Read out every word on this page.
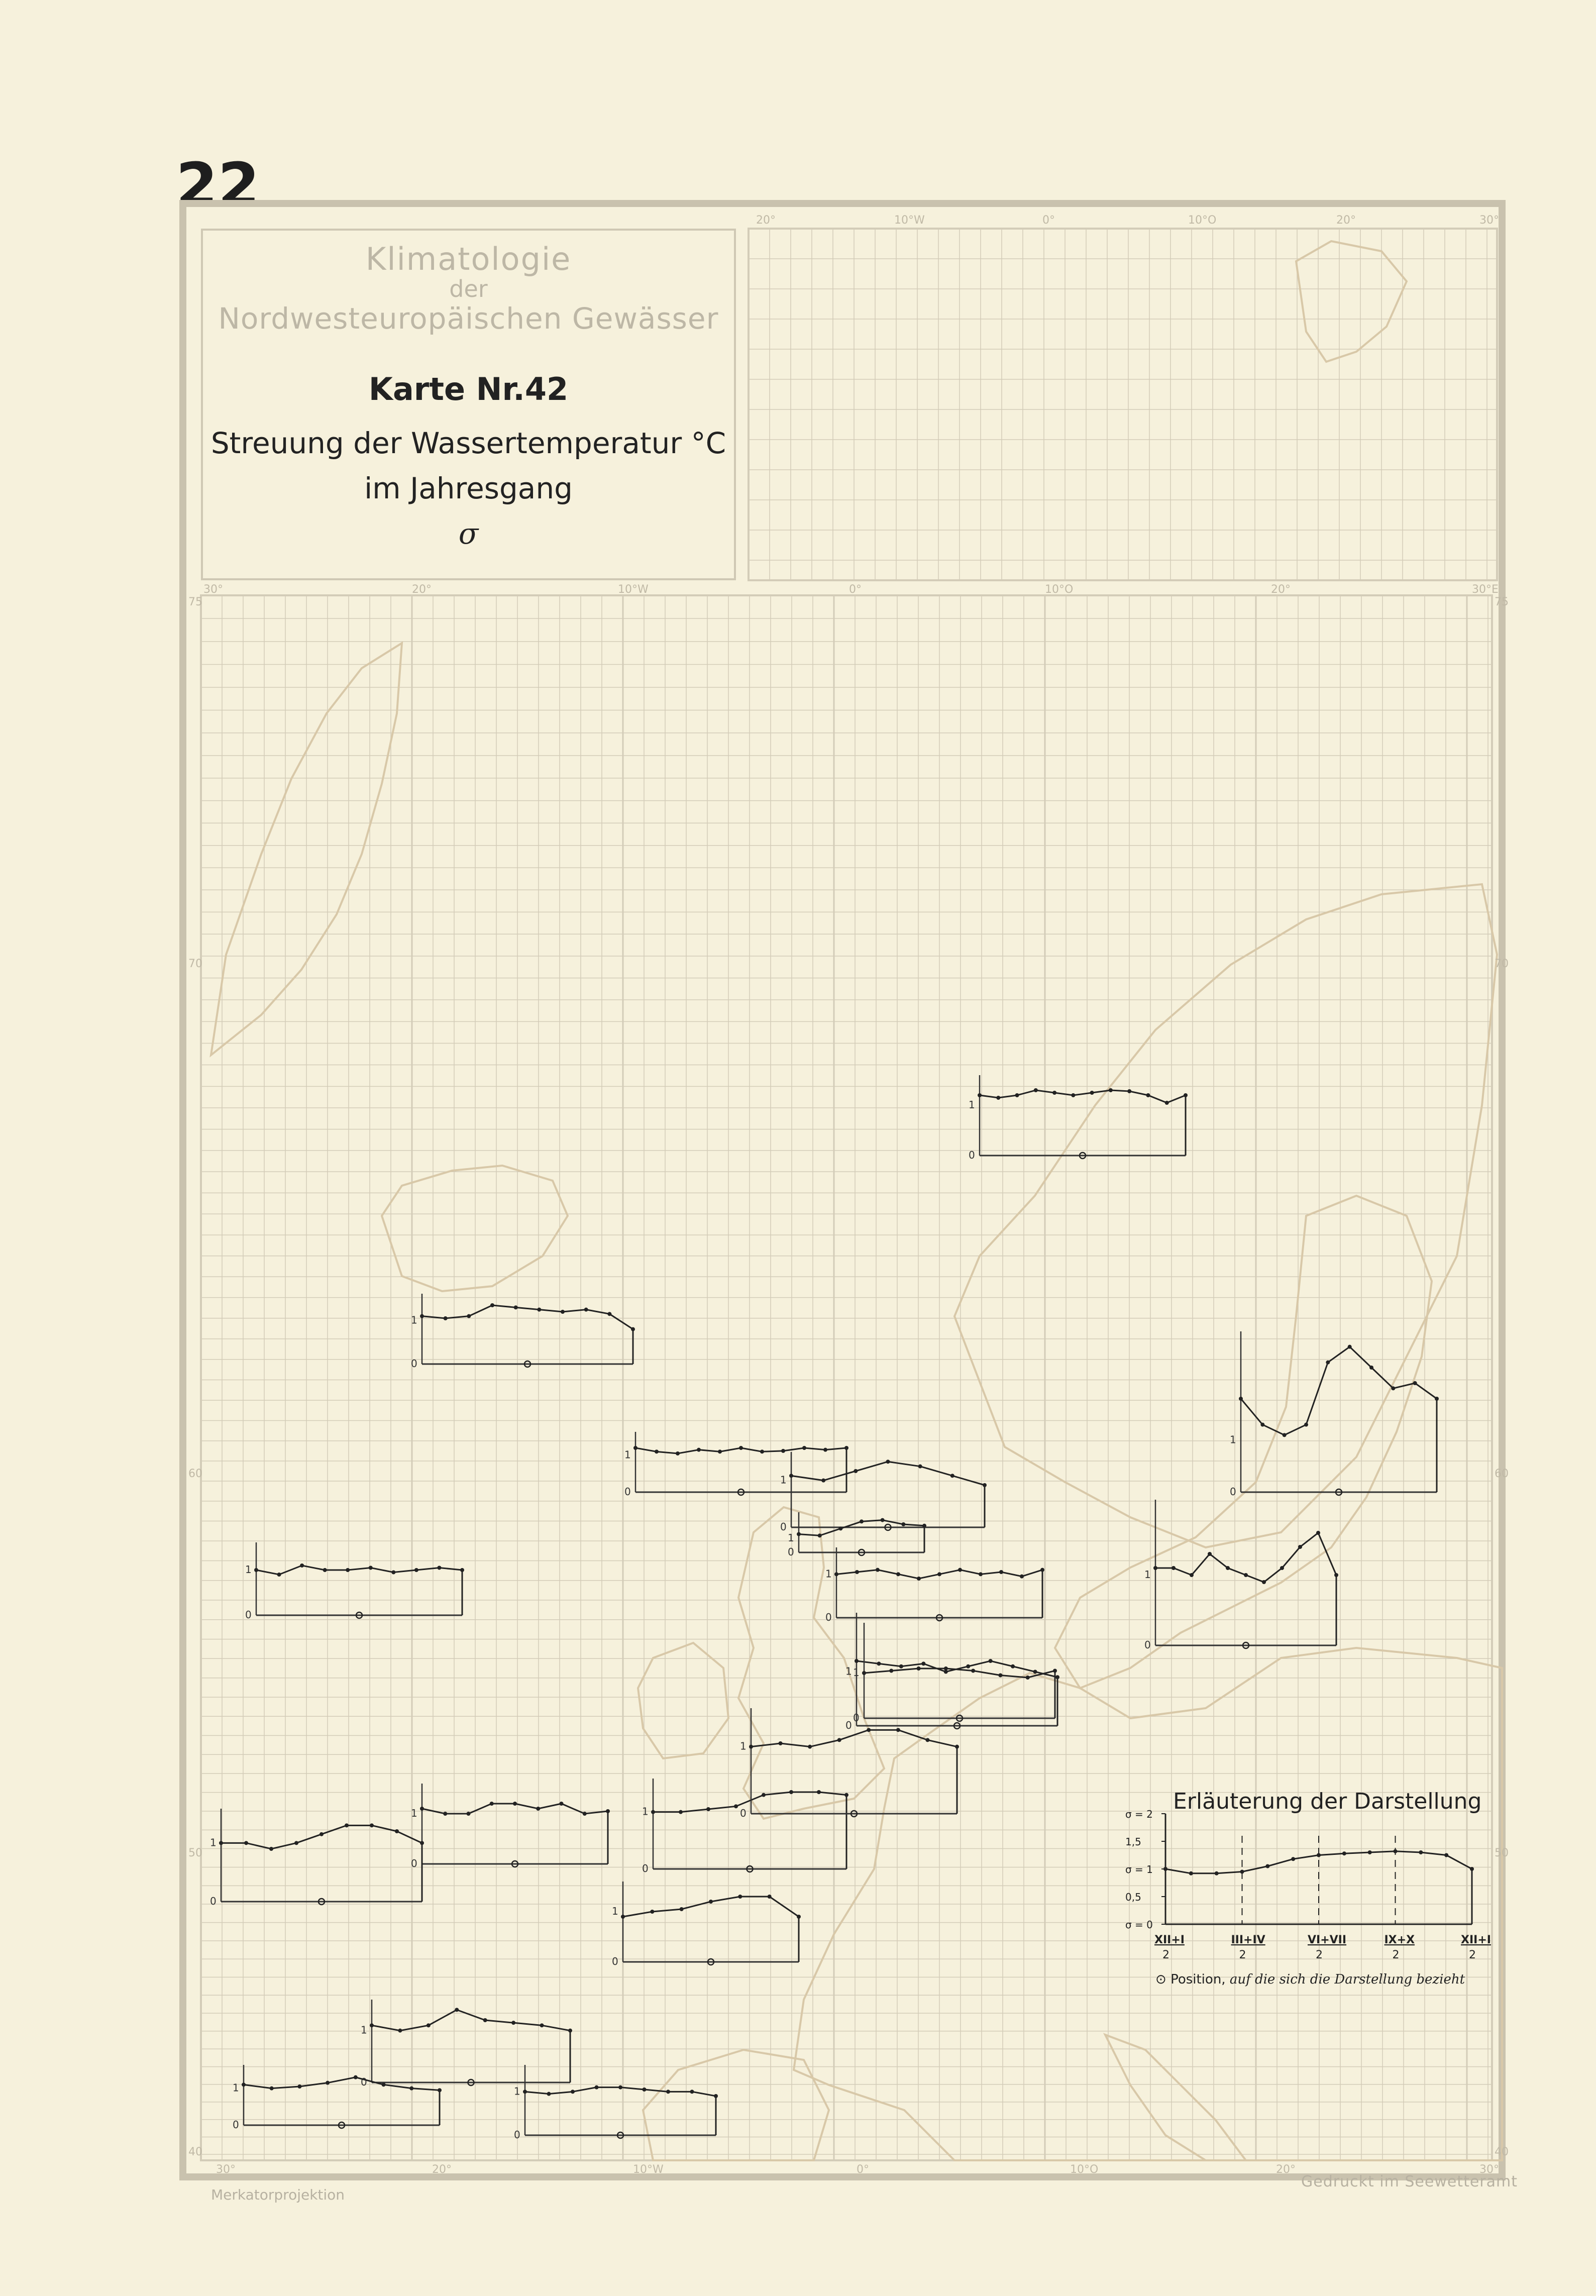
22
0
1
0
1
0
1
0
1
0
1
0
1
0
1
0
1
0
1
0
1
0
1
0
1
0
1
0
1
0
1
0
1
0
1
0
1
0
1
σ = 2
1,5
σ = 1
0,5
σ = 0
XII+I
2
III+IV
2
VI+VII
2
IX+X
2
XII+I
2
20°	10°W	0°	10°O	20°	30°
30°	20°	10°W	0°	10°O	20°	30°E
30°	20°	10°W	0°	10°O	20°	30°
75
70
60
50
40
75
70
60
50
40
Klimatologie
der
Nordwesteuropäischen Gewässer
Karte Nr.42
Streuung der Wassertemperatur °C
im Jahresgang
σ
Erläuterung der Darstellung
⊙ Position, auf die sich die Darstellung bezieht
Merkatorprojektion
Gedruckt im Seewetteramt
